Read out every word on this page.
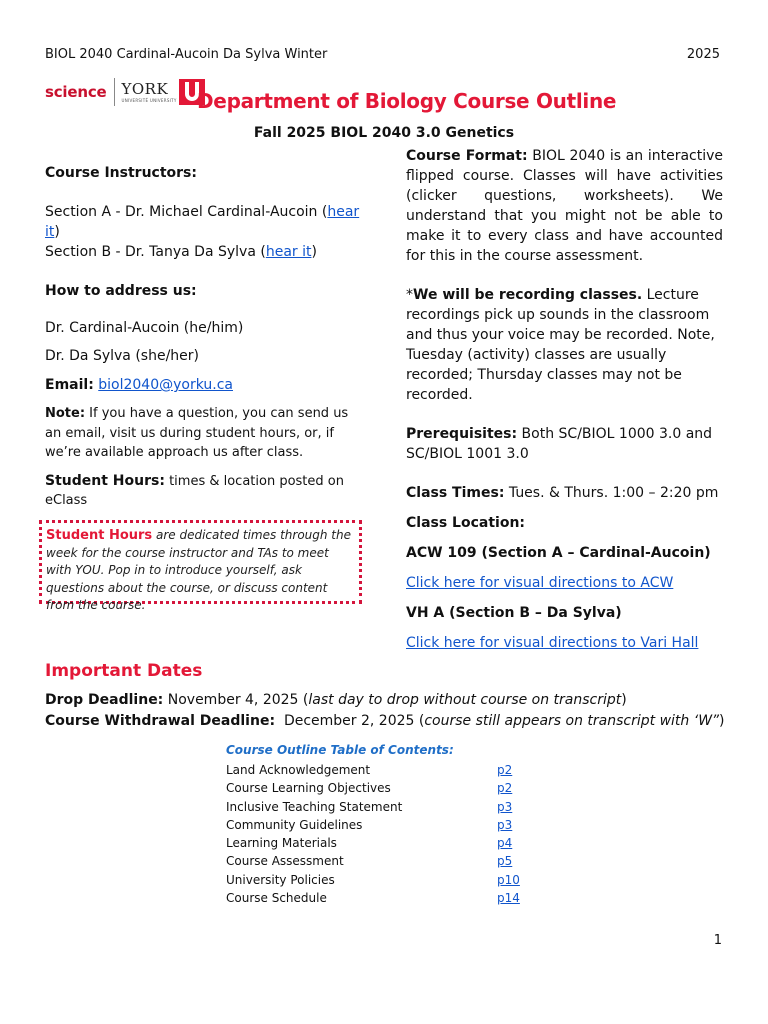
BIOL 2040 Cardinal-Aucoin Da Sylva Winter	2025
science YORK
UNIVERSITÉ UNIVERSITY Department of Biology Course Outline
Fall 2025 BIOL 2040 3.0 Genetics

Course Instructors:

Section A - Dr. Michael Cardinal-Aucoin (hear it)

Section B - Dr. Tanya Da Sylva (hear it)

How to address us:

Dr. Cardinal-Aucoin (he/him)

Dr. Da Sylva (she/her)

Email: biol2040@yorku.ca

Note: If you have a question, you can send us an email, visit us during student hours, or, if we’re available approach us after class.

Student Hours: times & location posted on eClass

Student Hours are dedicated times through the week for the course instructor and TAs to meet with YOU. Pop in to introduce yourself, ask questions about the course, or discuss content from the course.

Course Format: BIOL 2040 is an interactive flipped course. Classes will have activities (clicker questions, worksheets). We understand that you might not be able to make it to every class and have accounted for this in the course assessment.

*We will be recording classes. Lecture recordings pick up sounds in the classroom and thus your voice may be recorded. Note, Tuesday (activity) classes are usually recorded; Thursday classes may not be recorded.

Prerequisites: Both SC/BIOL 1000 3.0 and SC/BIOL 1001 3.0

Class Times: Tues. & Thurs. 1:00 – 2:20 pm

Class Location:

ACW 109 (Section A – Cardinal-Aucoin)

Click here for visual directions to ACW

VH A (Section B – Da Sylva)

Click here for visual directions to Vari Hall

Important Dates

Drop Deadline: November 4, 2025 (last day to drop without course on transcript)

Course Withdrawal Deadline:  December 2, 2025 (course still appears on transcript with ‘W”)

Course Outline Table of Contents:
Land Acknowledgement	p2
Course Learning Objectives	p2
Inclusive Teaching Statement	p3
Community Guidelines	p3
Learning Materials	p4
Course Assessment	p5
University Policies	p10
Course Schedule	p14
1
